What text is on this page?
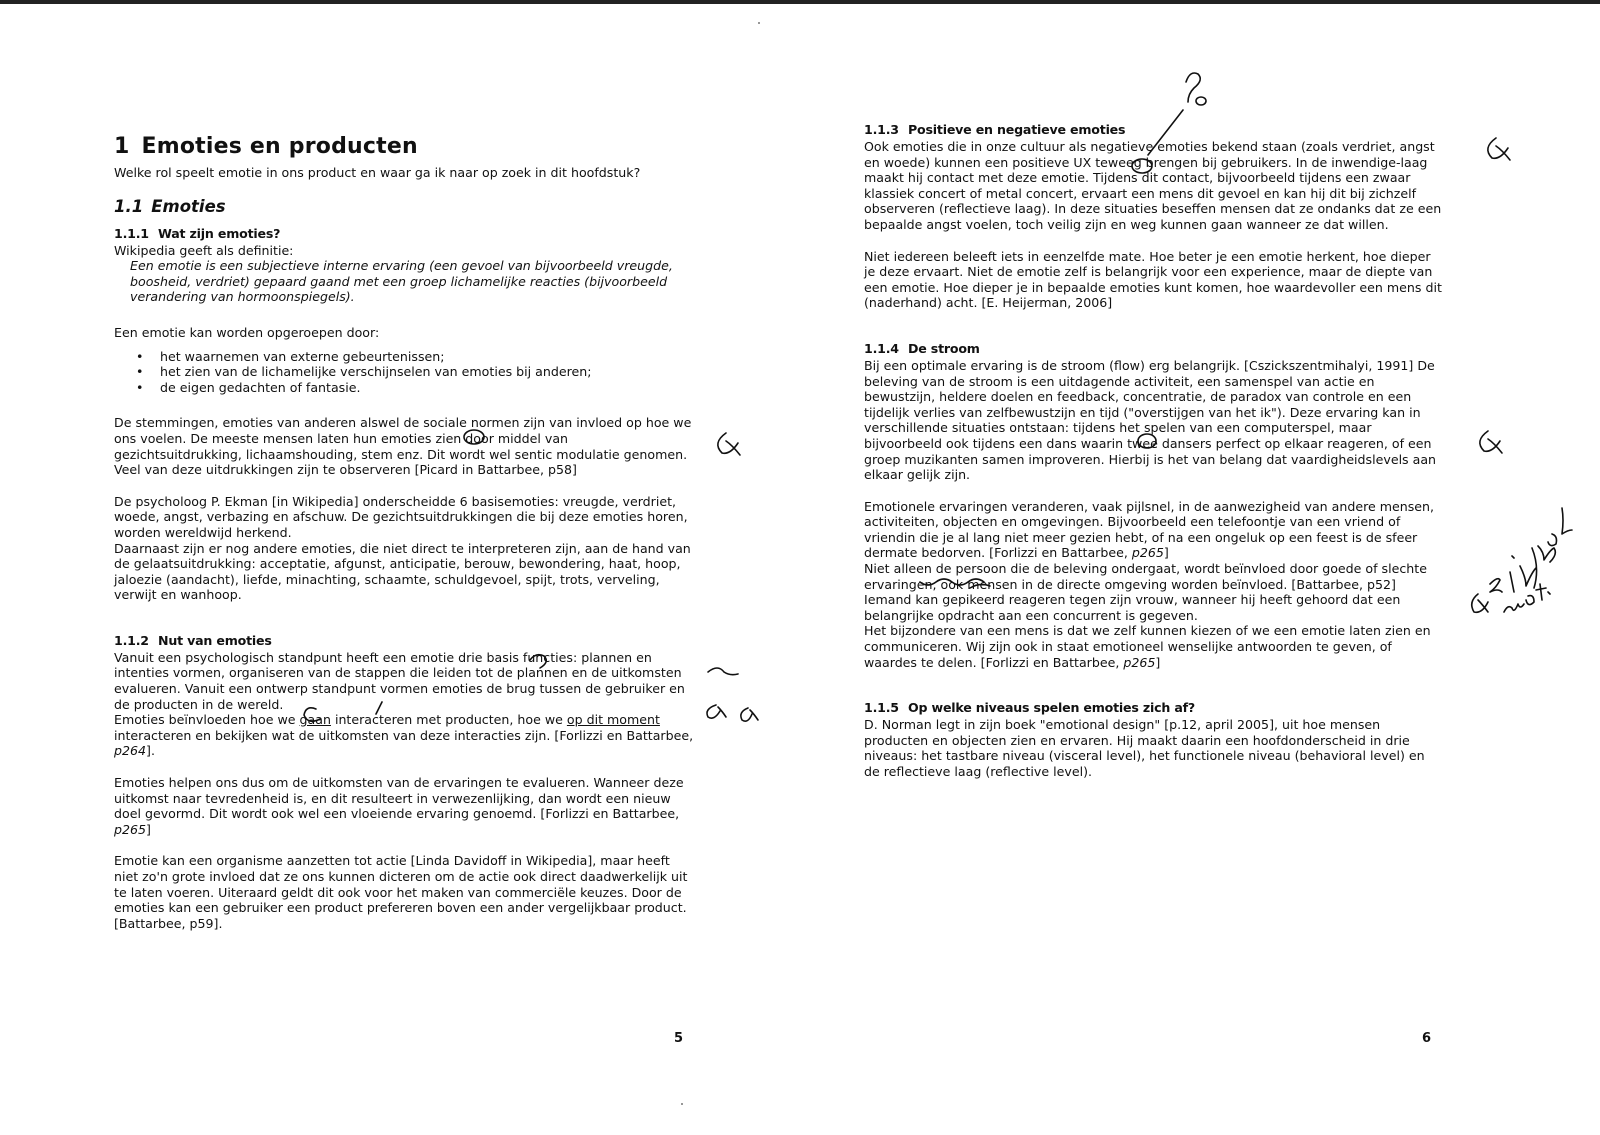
1 Emoties en producten

Welke rol speelt emotie in ons product en waar ga ik naar op zoek in dit hoofdstuk?

1.1 Emoties
1.1.1 Wat zijn emoties?

Wikipedia geeft als definitie:

Een emotie is een subjectieve interne ervaring (een gevoel van bijvoorbeeld vreugde, boosheid, verdriet) gepaard gaand met een groep lichamelijke reacties (bijvoorbeeld verandering van hormoonspiegels).

Een emotie kan worden opgeroepen door:

• het waarnemen van externe gebeurtenissen;
• het zien van de lichamelijke verschijnselen van emoties bij anderen;
• de eigen gedachten of fantasie.

De stemmingen, emoties van anderen alswel de sociale normen zijn van invloed op hoe we ons voelen. De meeste mensen laten hun emoties zien door middel van gezichtsuitdrukking, lichaamshouding, stem enz. Dit wordt wel sentic modulatie genomen. Veel van deze uitdrukkingen zijn te observeren [Picard in Battarbee, p58]

De psycholoog P. Ekman [in Wikipedia] onderscheidde 6 basisemoties: vreugde, verdriet, woede, angst, verbazing en afschuw. De gezichtsuitdrukkingen die bij deze emoties horen, worden wereldwijd herkend.

Daarnaast zijn er nog andere emoties, die niet direct te interpreteren zijn, aan de hand van de gelaatsuitdrukking: acceptatie, afgunst, anticipatie, berouw, bewondering, haat, hoop, jaloezie (aandacht), liefde, minachting, schaamte, schuldgevoel, spijt, trots, verveling, verwijt en wanhoop.

1.1.2 Nut van emoties

Vanuit een psychologisch standpunt heeft een emotie drie basis functies: plannen en intenties vormen, organiseren van de stappen die leiden tot de plannen en de uitkomsten evalueren. Vanuit een ontwerp standpunt vormen emoties de brug tussen de gebruiker en de producten in de wereld.

Emoties beïnvloeden hoe we gaan interacteren met producten, hoe we op dit moment interacteren en bekijken wat de uitkomsten van deze interacties zijn. [Forlizzi en Battarbee, p264].

Emoties helpen ons dus om de uitkomsten van de ervaringen te evalueren. Wanneer deze uitkomst naar tevredenheid is, en dit resulteert in verwezenlijking, dan wordt een nieuw doel gevormd. Dit wordt ook wel een vloeiende ervaring genoemd. [Forlizzi en Battarbee, p265]

Emotie kan een organisme aanzetten tot actie [Linda Davidoff in Wikipedia], maar heeft niet zo'n grote invloed dat ze ons kunnen dicteren om de actie ook direct daadwerkelijk uit te laten voeren. Uiteraard geldt dit ook voor het maken van commerciële keuzes. Door de emoties kan een gebruiker een product prefereren boven een ander vergelijkbaar product. [Battarbee, p59].

5
1.1.3 Positieve en negatieve emoties

Ook emoties die in onze cultuur als negatieve emoties bekend staan (zoals verdriet, angst en woede) kunnen een positieve UX teweeg brengen bij gebruikers. In de inwendige-laag maakt hij contact met deze emotie. Tijdens dit contact, bijvoorbeeld tijdens een zwaar klassiek concert of metal concert, ervaart een mens dit gevoel en kan hij dit bij zichzelf observeren (reflectieve laag). In deze situaties beseffen mensen dat ze ondanks dat ze een bepaalde angst voelen, toch veilig zijn en weg kunnen gaan wanneer ze dat willen.

Niet iedereen beleeft iets in eenzelfde mate. Hoe beter je een emotie herkent, hoe dieper je deze ervaart. Niet de emotie zelf is belangrijk voor een experience, maar de diepte van een emotie. Hoe dieper je in bepaalde emoties kunt komen, hoe waardevoller een mens dit (naderhand) acht. [E. Heijerman, 2006]

1.1.4 De stroom

Bij een optimale ervaring is de stroom (flow) erg belangrijk. [Cszickszentmihalyi, 1991] De beleving van de stroom is een uitdagende activiteit, een samenspel van actie en bewustzijn, heldere doelen en feedback, concentratie, de paradox van controle en een tijdelijk verlies van zelfbewustzijn en tijd ("overstijgen van het ik"). Deze ervaring kan in verschillende situaties ontstaan: tijdens het spelen van een computerspel, maar bijvoorbeeld ook tijdens een dans waarin twee dansers perfect op elkaar reageren, of een groep muzikanten samen improveren. Hierbij is het van belang dat vaardigheidslevels aan elkaar gelijk zijn.

Emotionele ervaringen veranderen, vaak pijlsnel, in de aanwezigheid van andere mensen, activiteiten, objecten en omgevingen. Bijvoorbeeld een telefoontje van een vriend of vriendin die je al lang niet meer gezien hebt, of na een ongeluk op een feest is de sfeer dermate bedorven. [Forlizzi en Battarbee, p265]

Niet alleen de persoon die de beleving ondergaat, wordt beïnvloed door goede of slechte ervaringen, ook mensen in de directe omgeving worden beïnvloed. [Battarbee, p52]

Iemand kan gepikeerd reageren tegen zijn vrouw, wanneer hij heeft gehoord dat een belangrijke opdracht aan een concurrent is gegeven.

Het bijzondere van een mens is dat we zelf kunnen kiezen of we een emotie laten zien en communiceren. Wij zijn ook in staat emotioneel wenselijke antwoorden te geven, of waardes te delen. [Forlizzi en Battarbee, p265]

1.1.5 Op welke niveaus spelen emoties zich af?

D. Norman legt in zijn boek "emotional design" [p.12, april 2005], uit hoe mensen producten en objecten zien en ervaren. Hij maakt daarin een hoofdonderscheid in drie niveaus: het tastbare niveau (visceral level), het functionele niveau (behavioral level) en de reflectieve laag (reflective level).

6
